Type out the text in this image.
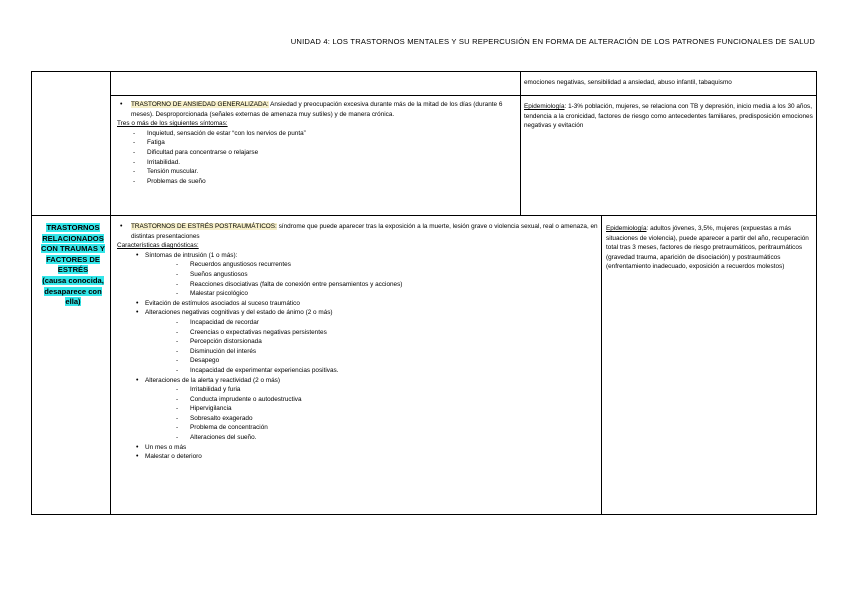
UNIDAD 4: LOS TRASTORNOS MENTALES Y SU REPERCUSIÓN EN FORMA DE ALTERACIÓN DE LOS PATRONES FUNCIONALES DE SALUD
emociones negativas, sensibilidad a ansiedad, abuso infantil, tabaquismo
• TRASTORNO DE ANSIEDAD GENERALIZADA: Ansiedad y preocupación excesiva durante más de la mitad de los días (durante 6 meses). Desproporcionada (señales externas de amenaza muy sutiles) y de manera crónica.
Tres o más de los siguientes síntomas:
- Inquietud, sensación de estar “con los nervios de punta”
- Fatiga
- Dificultad para concentrarse o relajarse
- Irritabilidad.
- Tensión muscular.
- Problemas de sueño
Epidemiología: 1-3% población, mujeres, se relaciona con TB y depresión, inicio media a los 30 años, tendencia a la cronicidad, factores de riesgo como antecedentes familiares, predisposición emociones negativas y evitación
TRASTORNOS RELACIONADOS CON TRAUMAS Y FACTORES DE ESTRÉS
(causa conocida, desaparece con ella)
• TRASTORNOS DE ESTRÉS POSTRAUMÁTICOS: síndrome que puede aparecer tras la exposición a la muerte, lesión grave o violencia sexual, real o amenaza, en distintas presentaciones
Características diagnósticas:
• Síntomas de intrusión (1 o más):
- Recuerdos angustiosos recurrentes
- Sueños angustiosos
- Reacciones disociativas (falta de conexión entre pensamientos y acciones)
- Malestar psicológico
• Evitación de estímulos asociados al suceso traumático
• Alteraciones negativas cognitivas y del estado de ánimo (2 o más)
- Incapacidad de recordar
- Creencias o expectativas negativas persistentes
- Percepción distorsionada
- Disminución del interés
- Desapego
- Incapacidad de experimentar experiencias positivas.
• Alteraciones de la alerta y reactividad (2 o más)
- Irritabilidad y furia
- Conducta imprudente o autodestructiva
- Hipervigilancia
- Sobresalto exagerado
- Problema de concentración
- Alteraciones del sueño.
• Un mes o más
• Malestar o deterioro
Epidemiología: adultos jóvenes, 3,5%, mujeres (expuestas a más situaciones de violencia), puede aparecer a partir del año, recuperación total tras 3 meses, factores de riesgo pretraumáticos, peritraumáticos (gravedad trauma, aparición de disociación) y postraumáticos (enfrentamiento inadecuado, exposición a recuerdos molestos)
